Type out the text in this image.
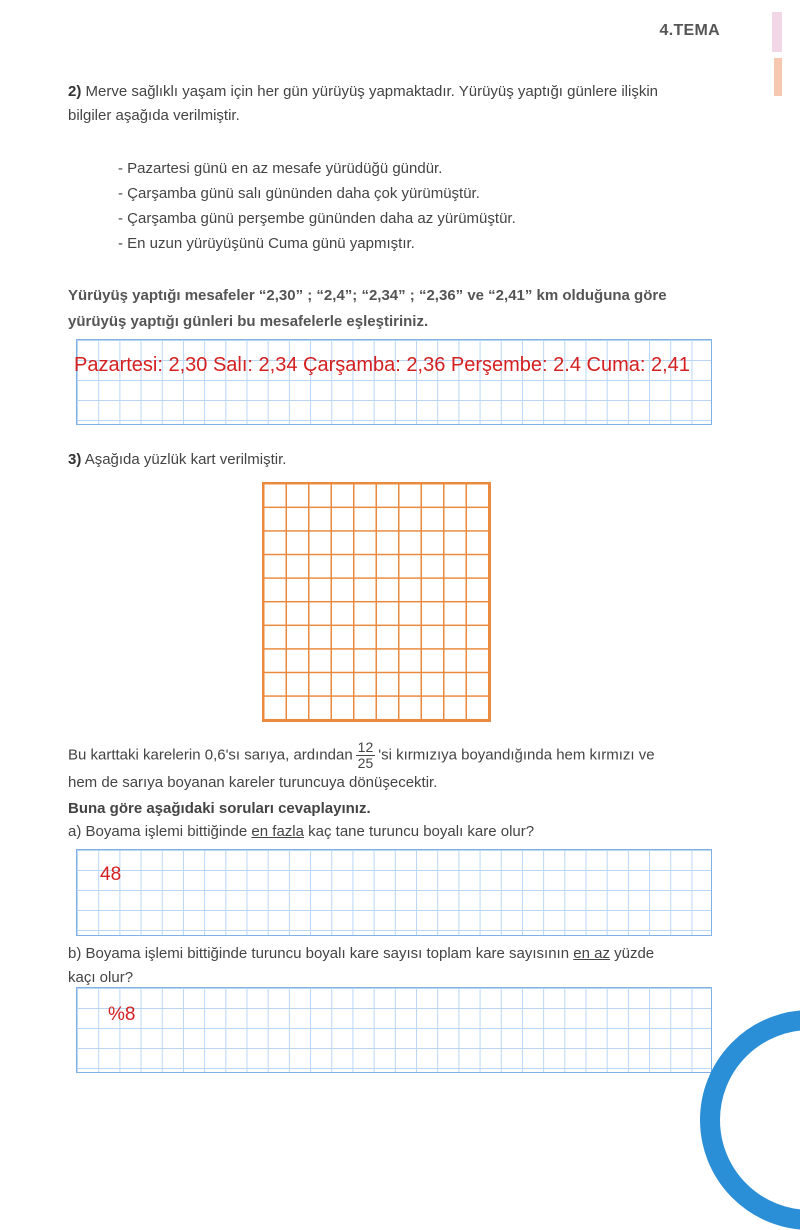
4.TEMA
2) Merve sağlıklı yaşam için her gün yürüyüş yapmaktadır. Yürüyüş yaptığı günlere ilişkin
bilgiler aşağıda verilmiştir.
- Pazartesi günü en az mesafe yürüdüğü gündür.
- Çarşamba günü salı gününden daha çok yürümüştür.
- Çarşamba günü perşembe gününden daha az yürümüştür.
- En uzun yürüyüşünü Cuma günü yapmıştır.
Yürüyüş yaptığı mesafeler “2,30” ; “2,4”; “2,34” ; “2,36” ve “2,41” km olduğuna göre
yürüyüş yaptığı günleri bu mesafelerle eşleştiriniz.
Pazartesi: 2,30 Salı: 2,34 Çarşamba: 2,36 Perşembe: 2.4 Cuma: 2,41
3) Aşağıda yüzlük kart verilmiştir.
Bu karttaki karelerin 0,6'sı sarıya, ardından $\frac{12}{25}$ 'si kırmızıya boyandığında hem kırmızı ve
hem de sarıya boyanan kareler turuncuya dönüşecektir.
Buna göre aşağıdaki soruları cevaplayınız.
a) Boyama işlemi bittiğinde en fazla kaç tane turuncu boyalı kare olur?
48
b) Boyama işlemi bittiğinde turuncu boyalı kare sayısı toplam kare sayısının en az yüzde
kaçı olur?
%8
